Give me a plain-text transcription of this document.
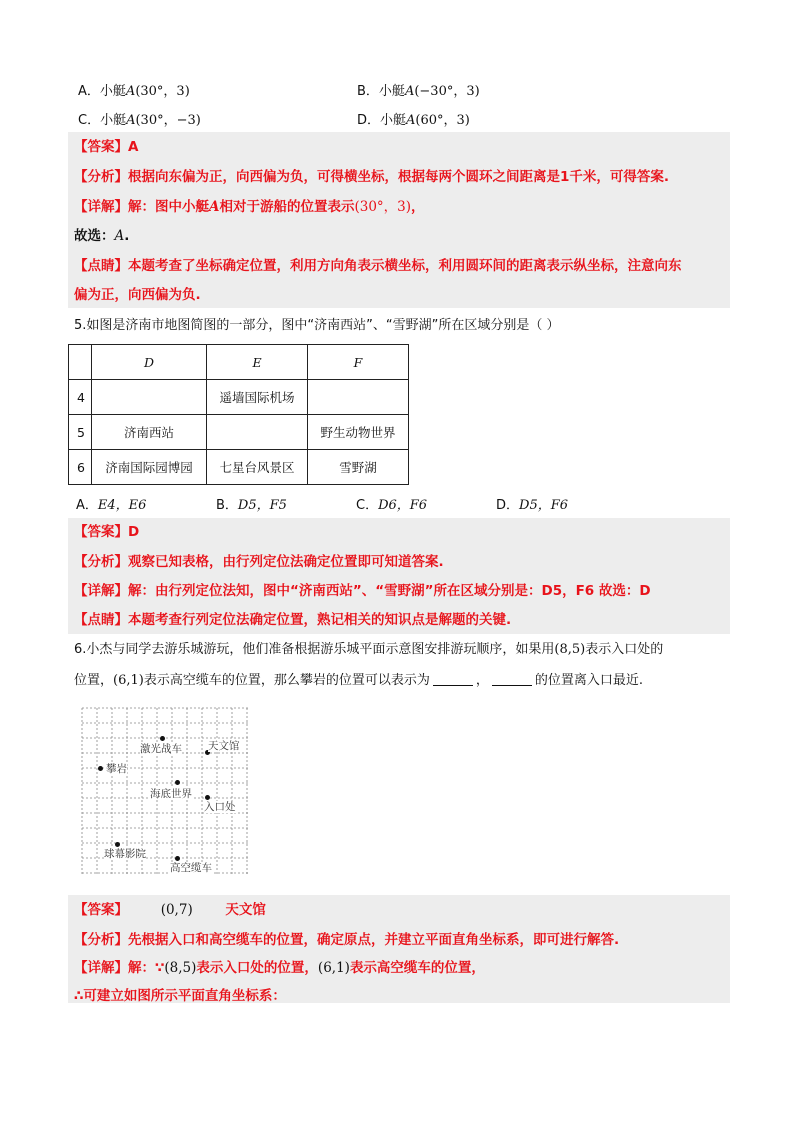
A．小艇A(30°，3)	B．小艇A(−30°，3)
C．小艇A(30°，−3)	D．小艇A(60°，3)
【答案】A
【分析】根据向东偏为正，向西偏为负，可得横坐标，根据每两个圆环之间距离是1千米，可得答案.
【详解】解：图中小艇A相对于游船的位置表示(30°，3)，
故选：A.
【点睛】本题考查了坐标确定位置，利用方向角表示横坐标，利用圆环间的距离表示纵坐标，注意向东
偏为正，向西偏为负.
5.如图是济南市地图简图的一部分，图中“济南西站”、“雪野湖”所在区域分别是（ ）
	D	E	F
4		遥墙国际机场	
5	济南西站		野生动物世界
6	济南国际园博园	七星台风景区	雪野湖
A．E4，E6	B．D5，F5	C．D6，F6	D．D5，F6
【答案】D
【分析】观察已知表格，由行列定位法确定位置即可知道答案.
【详解】解：由行列定位法知，图中“济南西站”、“雪野湖”所在区域分别是：D5，F6 故选：D
【点睛】本题考查行列定位法确定位置，熟记相关的知识点是解题的关键.
6.小杰与同学去游乐城游玩，他们准备根据游乐城平面示意图安排游玩顺序，如果用(8,5)表示入口处的
位置，(6,1)表示高空缆车的位置，那么攀岩的位置可以表示为	，	的位置离入口最近.
激光战车 天文馆
攀岩
海底世界
入口处
球幕影院
高空缆车
【答案】 (0,7) 天文馆
【分析】先根据入口和高空缆车的位置，确定原点，并建立平面直角坐标系，即可进行解答.
【详解】解：∵(8,5)表示入口处的位置，(6,1)表示高空缆车的位置，
∴可建立如图所示平面直角坐标系：
